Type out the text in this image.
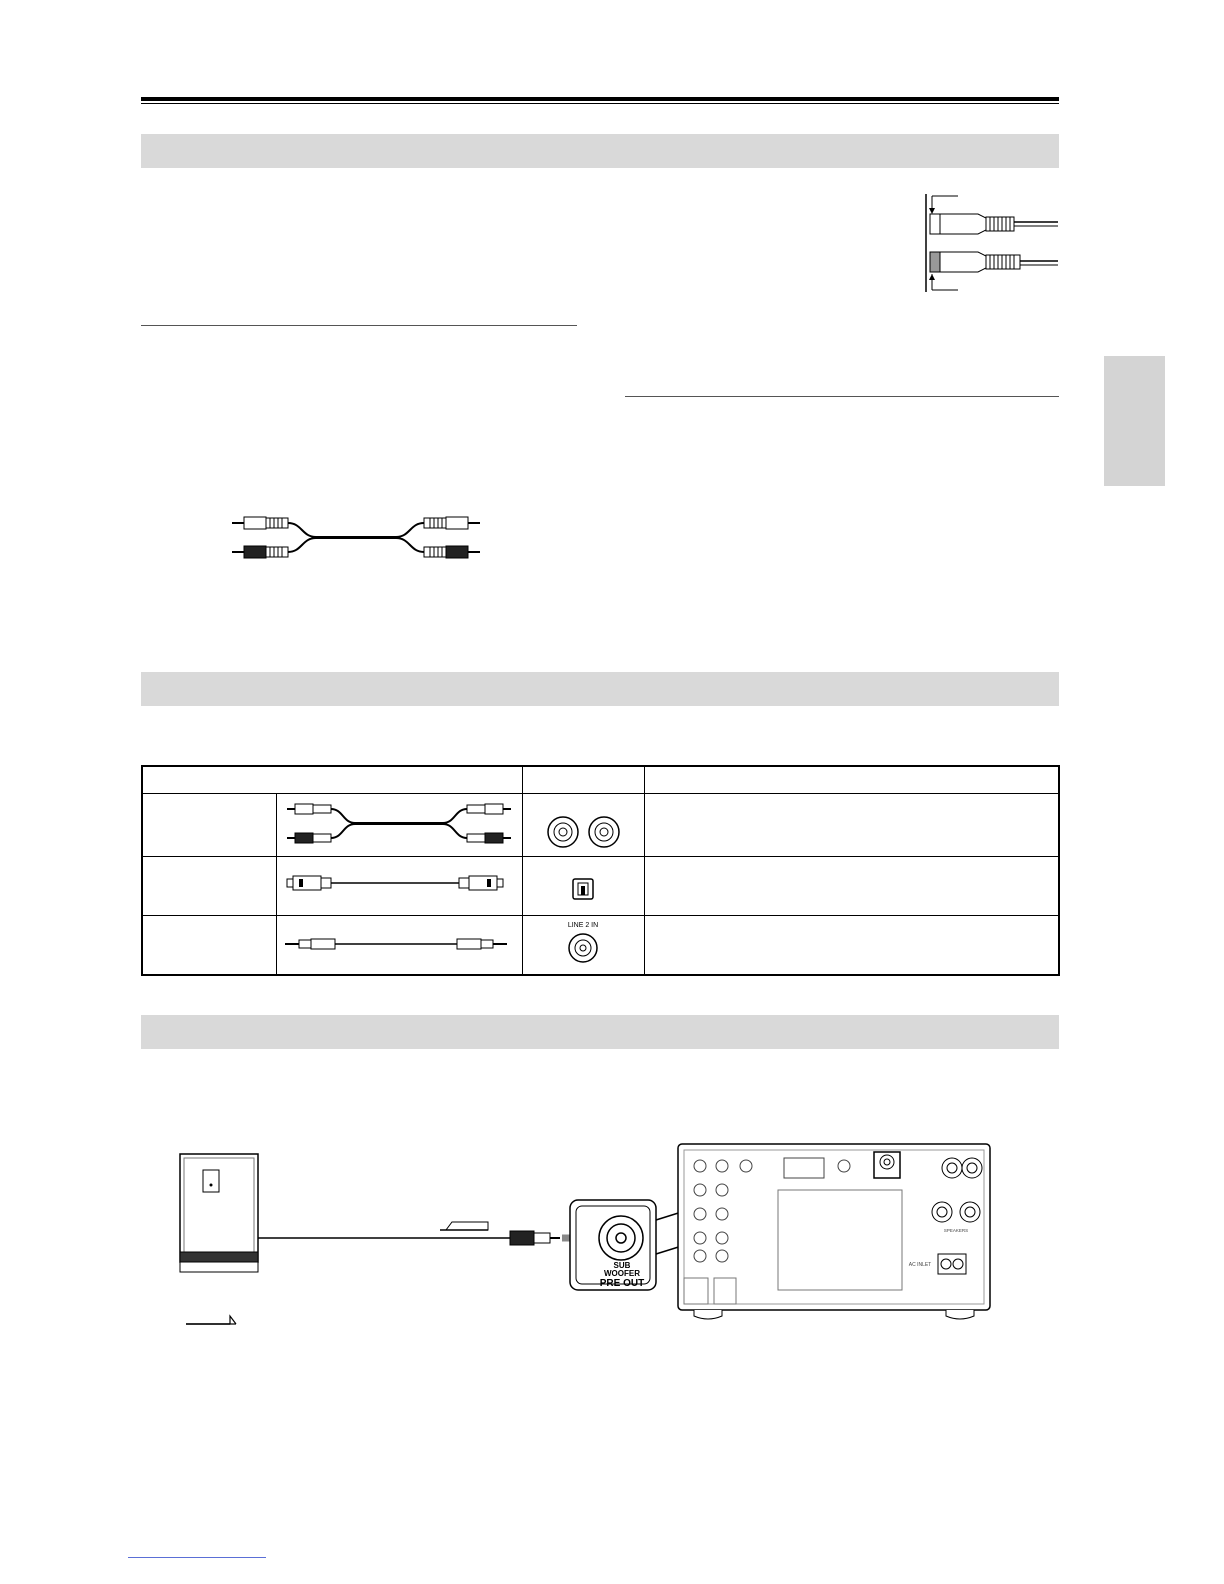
LINE 2 IN	

SUB
WOOFER
PRE OUT
SPEAKERS
AC INLET
